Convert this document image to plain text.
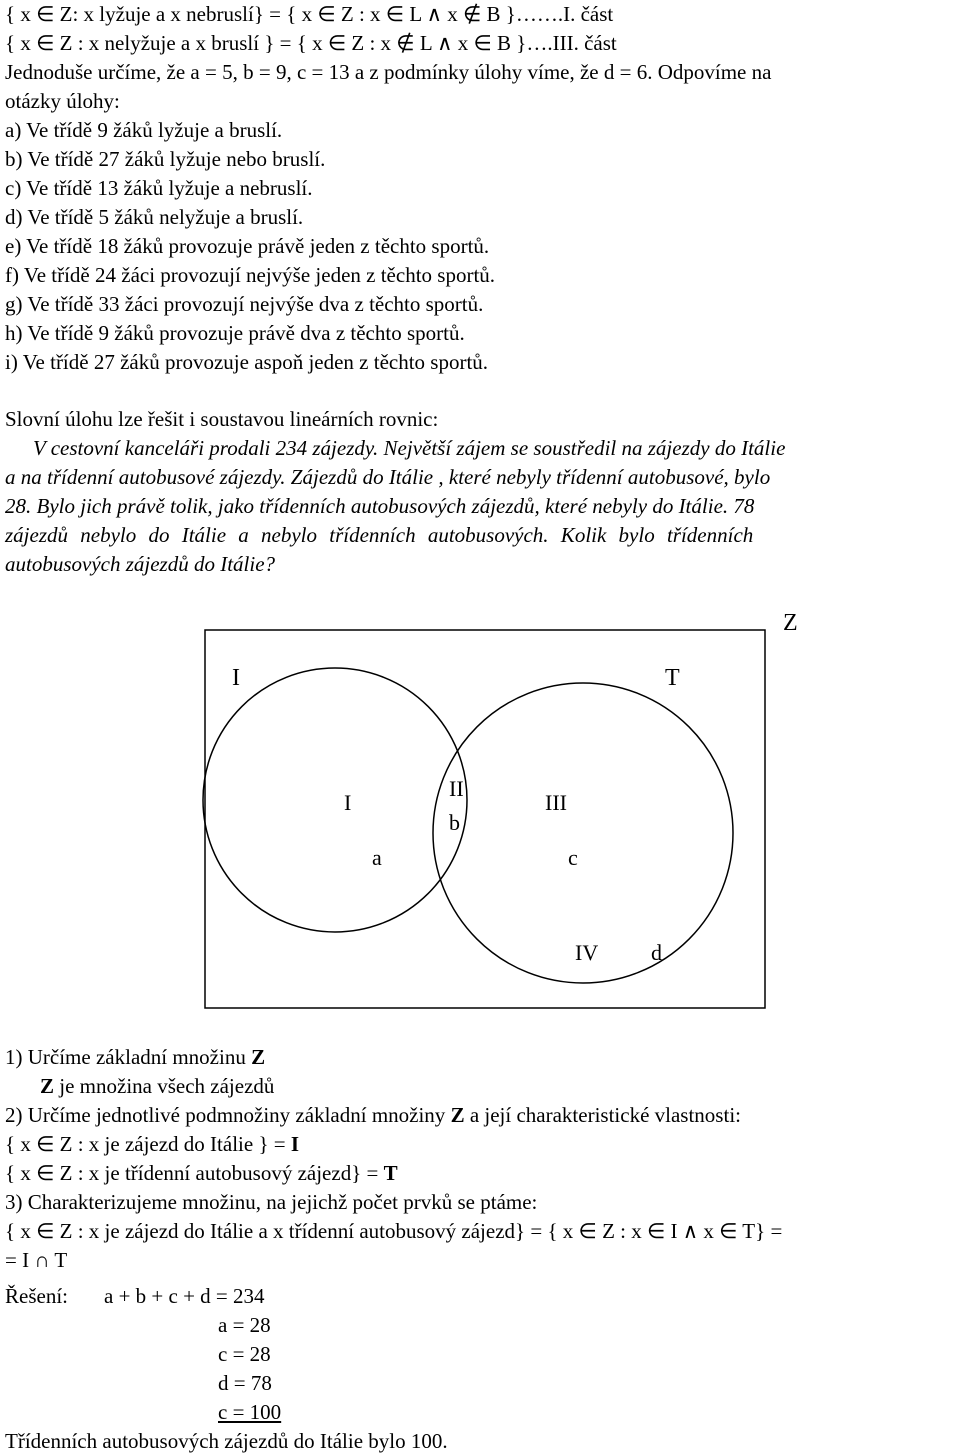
{ x ∈ Z: x lyžuje a x nebruslí} = { x ∈ Z : x ∈ L ∧ x ∉ B }…….I. část
{ x ∈ Z : x nelyžuje a x bruslí } = { x ∈ Z : x ∉ L ∧ x ∈ B }….III. část
Jednoduše určíme, že a = 5, b = 9, c = 13 a z podmínky úlohy víme, že d = 6. Odpovíme na
otázky úlohy:
a) Ve třídě 9 žáků lyžuje a bruslí.
b) Ve třídě 27 žáků lyžuje nebo bruslí.
c) Ve třídě 13 žáků lyžuje a nebruslí.
d) Ve třídě 5 žáků nelyžuje a bruslí.
e) Ve třídě 18 žáků provozuje právě jeden z těchto sportů.
f) Ve třídě 24 žáci provozují nejvýše jeden z těchto sportů.
g) Ve třídě 33 žáci provozují nejvýše dva z těchto sportů.
h) Ve třídě 9 žáků provozuje právě dva z těchto sportů.
i) Ve třídě 27 žáků provozuje aspoň jeden z těchto sportů.
Slovní úlohu lze řešit i soustavou lineárních rovnic:
V cestovní kanceláři prodali 234 zájezdy. Největší zájem se soustředil na zájezdy do Itálie
a na třídenní autobusové zájezdy. Zájezdů do Itálie , které nebyly třídenní autobusové, bylo
28. Bylo jich právě tolik, jako třídenních autobusových zájezdů, které nebyly do Itálie. 78
zájezdů nebylo do Itálie a nebylo třídenních autobusových. Kolik bylo třídenních
autobusových zájezdů do Itálie?
Z
I	T
I
II
b
III
a	c
IV d
1) Určíme základní množinu Z
Z je množina všech zájezdů
2) Určíme jednotlivé podmnožiny základní množiny Z a její charakteristické vlastnosti:
{ x ∈ Z : x je zájezd do Itálie } = I
{ x ∈ Z : x je třídenní autobusový zájezd} = T
3) Charakterizujeme množinu, na jejichž počet prvků se ptáme:
{ x ∈ Z : x je zájezd do Itálie a x třídenní autobusový zájezd} = { x ∈ Z : x ∈ I ∧ x ∈ T} =
= I ∩ T
Řešení: a + b + c + d = 234
a = 28
c = 28
d = 78
c = 100
Třídenních autobusových zájezdů do Itálie bylo 100.
